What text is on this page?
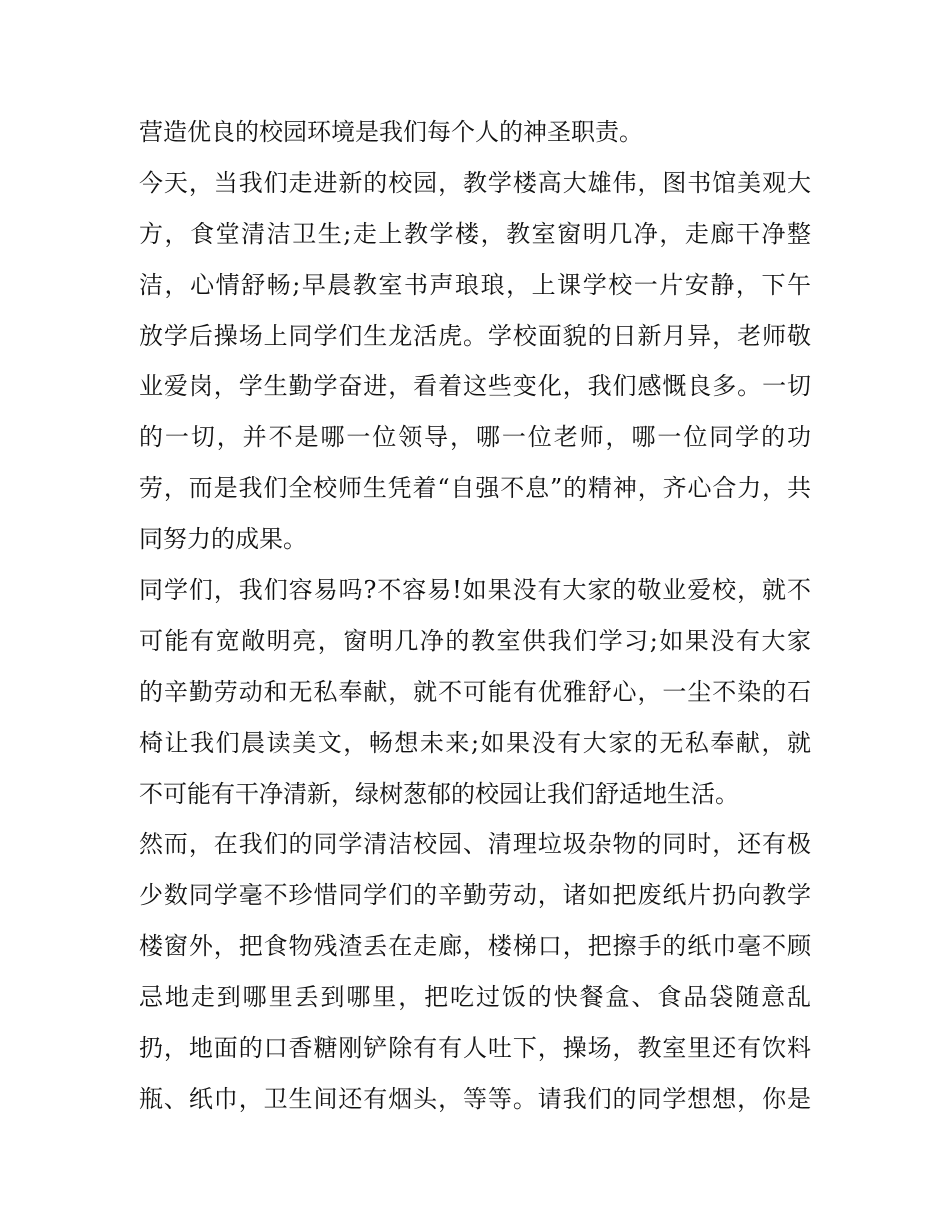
营造优良的校园环境是我们每个人的神圣职责。
今天，当我们走进新的校园，教学楼高大雄伟，图书馆美观大
方，食堂清洁卫生;走上教学楼，教室窗明几净，走廊干净整
洁，心情舒畅;早晨教室书声琅琅，上课学校一片安静，下午
放学后操场上同学们生龙活虎。学校面貌的日新月异，老师敬
业爱岗，学生勤学奋进，看着这些变化，我们感慨良多。一切
的一切，并不是哪一位领导，哪一位老师，哪一位同学的功
劳，而是我们全校师生凭着“自强不息”的精神，齐心合力，共
同努力的成果。
同学们，我们容易吗?不容易!如果没有大家的敬业爱校，就不
可能有宽敞明亮，窗明几净的教室供我们学习;如果没有大家
的辛勤劳动和无私奉献，就不可能有优雅舒心，一尘不染的石
椅让我们晨读美文，畅想未来;如果没有大家的无私奉献，就
不可能有干净清新，绿树葱郁的校园让我们舒适地生活。
然而，在我们的同学清洁校园、清理垃圾杂物的同时，还有极
少数同学毫不珍惜同学们的辛勤劳动，诸如把废纸片扔向教学
楼窗外，把食物残渣丢在走廊，楼梯口，把擦手的纸巾毫不顾
忌地走到哪里丢到哪里，把吃过饭的快餐盒、食品袋随意乱
扔，地面的口香糖刚铲除有有人吐下，操场，教室里还有饮料
瓶、纸巾，卫生间还有烟头，等等。请我们的同学想想，你是
